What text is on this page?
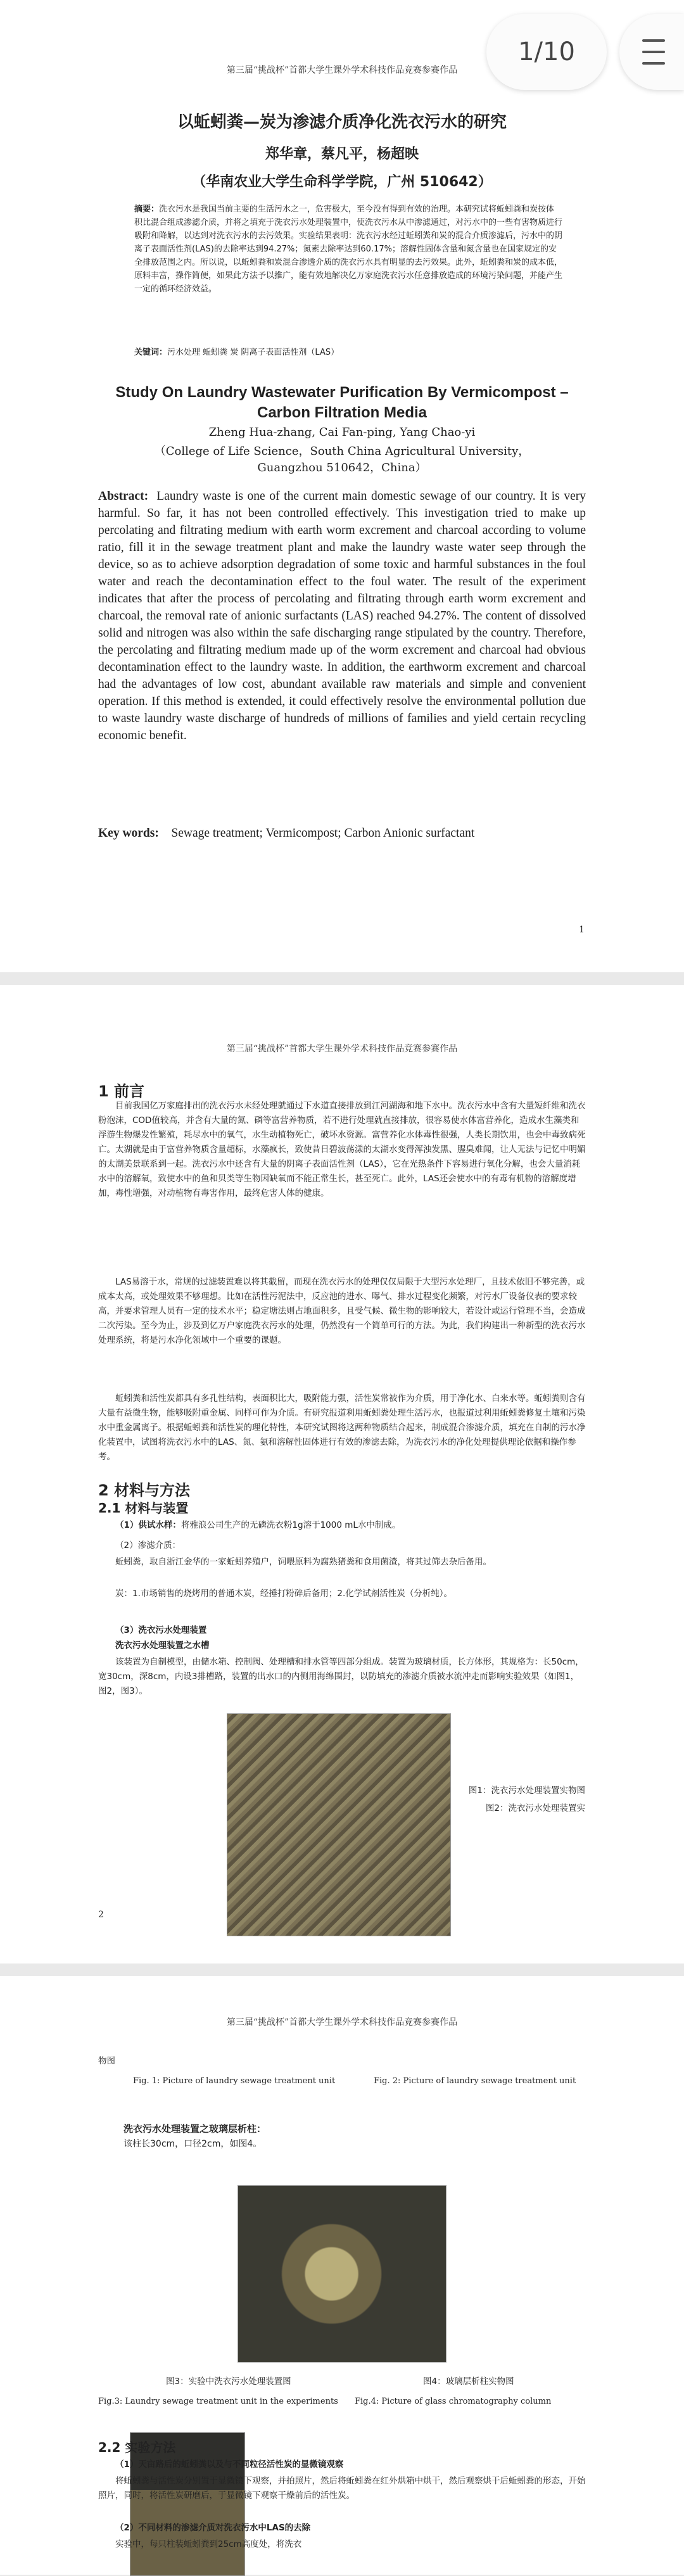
第三届“挑战杯”首都大学生课外学术科技作品竞赛参赛作品
以蚯蚓粪—炭为渗滤介质净化洗衣污水的研究
郑华章，蔡凡平，杨超映
（华南农业大学生命科学学院，广州 510642）
摘要：洗衣污水是我国当前主要的生活污水之一，危害极大，至今没有得到有效的治理。本研究试将蚯蚓粪和炭按体积比混合组成渗滤介质，并将之填充于洗衣污水处理装置中，使洗衣污水从中渗滤通过，对污水中的一些有害物质进行吸附和降解，以达到对洗衣污水的去污效果。实验结果表明：洗衣污水经过蚯蚓粪和炭的混合介质渗滤后，污水中的阴离子表面活性剂(LAS)的去除率达到94.27%；氮素去除率达到60.17%；溶解性固体含量和氮含量也在国家规定的安全排放范围之内。所以说，以蚯蚓粪和炭混合渗透介质的洗衣污水具有明显的去污效果。此外，蚯蚓粪和炭的成本低，原料丰富，操作简便，如果此方法予以推广，能有效地解决亿万家庭洗衣污水任意排放造成的环境污染问题，并能产生一定的循环经济效益。
关键词：污水处理 蚯蚓粪 炭 阴离子表面活性剂（LAS）
Study On Laundry Wastewater Purification By Vermicompost –
Carbon Filtration Media
Zheng Hua-zhang, Cai Fan-ping, Yang Chao-yi
（College of Life Science，South China Agricultural University，
Guangzhou 510642，China）
Abstract: Laundry waste is one of the current main domestic sewage of our country. It is very harmful. So far, it has not been controlled effectively. This investigation tried to make up percolating and filtrating medium with earth worm excrement and charcoal according to volume ratio, fill it in the sewage treatment plant and make the laundry waste water seep through the device, so as to achieve adsorption degradation of some toxic and harmful substances in the foul water and reach the decontamination effect to the foul water. The result of the experiment indicates that after the process of percolating and filtrating through earth worm excrement and charcoal, the removal rate of anionic surfactants (LAS) reached 94.27%. The content of dissolved solid and nitrogen was also within the safe discharging range stipulated by the country. Therefore, the percolating and filtrating medium made up of the worm excrement and charcoal had obvious decontamination effect to the laundry waste. In addition, the earthworm excrement and charcoal had the advantages of low cost, abundant available raw materials and simple and convenient operation. If this method is extended, it could effectively resolve the environmental pollution due to waste laundry waste discharge of hundreds of millions of families and yield certain recycling economic benefit.
Key words: Sewage treatment; Vermicompost; Carbon Anionic surfactant
1
第三届“挑战杯”首都大学生课外学术科技作品竞赛参赛作品
1 前言
目前我国亿万家庭排出的洗衣污水未经处理就通过下水道直接排放到江河湖海和地下水中。洗衣污水中含有大量短纤维和洗衣粉泡沫，COD值较高，并含有大量的氮、磷等富营养物质，若不进行处理就直接排放，很容易使水体富营养化，造成水生藻类和浮游生物爆发性繁殖，耗尽水中的氧气，水生动植物死亡，破坏水资源。富营养化水体毒性很强，人类长期饮用，也会中毒致病死亡。太湖就是由于富营养物质含量超标，水藻疯长，致使昔日碧波荡漾的太湖水变得浑浊发黑、腥臭难闻，让人无法与记忆中明媚的太湖美景联系到一起。洗衣污水中还含有大量的阴离子表面活性剂（LAS），它在光热条件下容易进行氧化分解，也会大量消耗水中的溶解氧，致使水中的鱼和贝类等生物因缺氧而不能正常生长，甚至死亡。此外，LAS还会使水中的有毒有机物的溶解度增加，毒性增强，对动植物有毒害作用，最终危害人体的健康。
LAS易溶于水，常规的过滤装置难以将其截留，而现在洗衣污水的处理仅仅局限于大型污水处理厂，且技术依旧不够完善，或成本太高，或处理效果不够理想。比如在活性污泥法中，反应池的进水、曝气、排水过程变化频繁，对污水厂设备仪表的要求较高，并要求管理人员有一定的技术水平；稳定塘法则占地面积多，且受气候、微生物的影响较大，若设计或运行管理不当，会造成二次污染。至今为止，涉及到亿万户家庭洗衣污水的处理，仍然没有一个简单可行的方法。为此，我们构建出一种新型的洗衣污水处理系统，将是污水净化领域中一个重要的课题。
蚯蚓粪和活性炭都具有多孔性结构，表面积比大，吸附能力强，活性炭常被作为介质，用于净化水、白来水等。蚯蚓粪则含有大量有益微生物，能够吸附重金属、同样可作为介质。有研究报道利用蚯蚓粪处理生活污水，也报道过利用蚯蚓粪修复土壤和污染水中重金属离子。根据蚯蚓粪和活性炭的理化特性，本研究试图将这两种物质结合起来，制成混合渗滤介质，填充在自制的污水净化装置中，试图将洗衣污水中的LAS、氮、氨和溶解性固体进行有效的渗滤去除，为洗衣污水的净化处理提供理论依据和操作参考。
2 材料与方法
2.1 材料与装置
（1）供试水样：将雅浪公司生产的无磷洗衣粉1g溶于1000 mL水中制成。
（2）渗滤介质：
蚯蚓粪，取自浙江金华的一家蚯蚓养殖户，饲喂原料为腐熟猪粪和食用菌渣，将其过筛去杂后备用。
炭：1.市场销售的烧烤用的普通木炭，经捶打粉碎后备用；2.化学试剂活性炭（分析纯）。
（3）洗衣污水处理装置
洗衣污水处理装置之水槽
该装置为自制模型，由储水箱、控制阀、处理槽和排水管等四部分组成。装置为玻璃材质，长方体形，其规格为：长50cm，宽30cm，深8cm，内设3排槽路，装置的出水口的内侧用海绵围封，以防填充的渗滤介质被水流冲走而影响实验效果（如图1，图2，图3）。
图1：洗衣污水处理装置实物图
图2：洗衣污水处理装置实
2
第三届“挑战杯”首都大学生课外学术科技作品竞赛参赛作品
物图
Fig. 1: Picture of laundry sewage treatment unit	Fig. 2: Picture of laundry sewage treatment unit
洗衣污水处理装置之玻璃层析柱：
该柱长30cm，口径2cm，如图4。
图3：实验中洗衣污水处理装置图	图4：玻璃层析柱实物图
Fig.3: Laundry sewage treatment unit in the experiments Fig.4: Picture of glass chromatography column
2.2 实验方法
（1）天亩路后的蚯蚓粪以及与不同粒径活性炭的显微镜观察
将蚯蚓粪与活性炭分别置于显微镜下观察，并拍照片，然后将蚯蚓粪在红外烘箱中烘干，然后观察烘干后蚯蚓粪的形态，开始照片，同时，将活性炭研磨后，于显微镜下观察干燥前后的活性炭。
（2）不同材料的渗滤介质对洗衣污水中LAS的去除
实验中，每只柱装蚯蚓粪到25cm高度处，将洗衣
1/10
